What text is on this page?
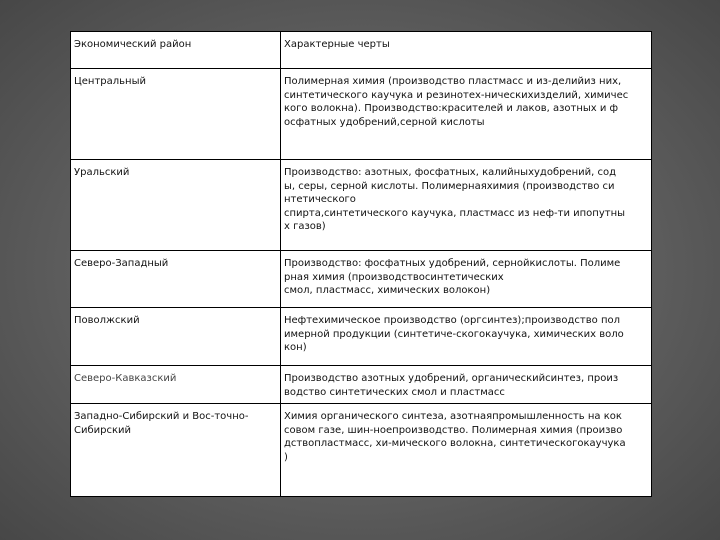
Экономический район	Характерные черты
Центральный	Полимерная химия (производство пластмасс и из-делийиз них,
синтетического каучука и резинотех-ническихизделий, химичес
кого волокна). Производство:красителей и лаков, азотных и ф
осфатных удобрений,серной кислоты
Уральский	Производство: азотных, фосфатных, калийныхудобрений, сод
ы, серы, серной кислоты. Полимернаяхимия (производство си
нтетического
спирта,синтетического каучука, пластмасс из неф-ти ипопутны
х газов)
Северо-Западный	Производство: фосфатных удобрений, сернойкислоты. Полиме
рная химия (производствосинтетических
смол, пластмасс, химических волокон)
Поволжский	Нефтехимическое производство (оргсинтез);производство пол
имерной продукции (синтетиче-скогокаучука, химических воло
кон)
Северо-Кавказский	Производство азотных удобрений, органическийсинтез, произ
водство синтетических смол и пластмасс
Западно-Сибирский и Вос-точно-
Сибирский	Химия органического синтеза, азотнаяпромышленность на кок
совом газе, шин-ноепроизводство. Полимерная химия (произво
дствопластмасс, хи-мического волокна, синтетическогокаучука
)
